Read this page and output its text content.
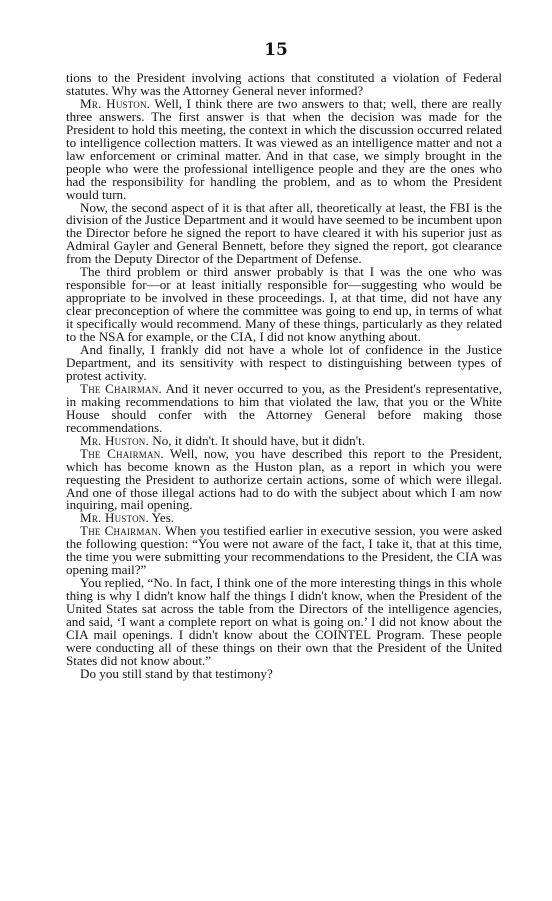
15

tions to the President involving actions that constituted a violation of Federal statutes. Why was the Attorney General never informed?

Mr. Huston. Well, I think there are two answers to that; well, there are really three answers. The first answer is that when the decision was made for the President to hold this meeting, the context in which the discussion occurred related to intelligence collection matters. It was viewed as an intelligence matter and not a law enforcement or criminal matter. And in that case, we simply brought in the people who were the professional intelligence people and they are the ones who had the responsibility for handling the problem, and as to whom the President would turn.

Now, the second aspect of it is that after all, theoretically at least, the FBI is the division of the Justice Department and it would have seemed to be incumbent upon the Director before he signed the report to have cleared it with his superior just as Admiral Gayler and General Bennett, before they signed the report, got clearance from the Deputy Director of the Department of Defense.

The third problem or third answer probably is that I was the one who was responsible for—or at least initially responsible for—suggesting who would be appropriate to be involved in these proceedings. I, at that time, did not have any clear preconception of where the committee was going to end up, in terms of what it specifically would recommend. Many of these things, particularly as they related to the NSA for example, or the CIA, I did not know anything about.

And finally, I frankly did not have a whole lot of confidence in the Justice Department, and its sensitivity with respect to distinguishing between types of protest activity.

The Chairman. And it never occurred to you, as the President's representative, in making recommendations to him that violated the law, that you or the White House should confer with the Attorney General before making those recommendations.

Mr. Huston. No, it didn't. It should have, but it didn't.

The Chairman. Well, now, you have described this report to the President, which has become known as the Huston plan, as a report in which you were requesting the President to authorize certain actions, some of which were illegal. And one of those illegal actions had to do with the subject about which I am now inquiring, mail opening.

Mr. Huston. Yes.

The Chairman. When you testified earlier in executive session, you were asked the following question: “You were not aware of the fact, I take it, that at this time, the time you were submitting your recommendations to the President, the CIA was opening mail?”

You replied, “No. In fact, I think one of the more interesting things in this whole thing is why I didn't know half the things I didn't know, when the President of the United States sat across the table from the Directors of the intelligence agencies, and said, ‘I want a complete report on what is going on.’ I did not know about the CIA mail openings. I didn't know about the COINTEL Program. These people were conducting all of these things on their own that the President of the United States did not know about.”

Do you still stand by that testimony?
